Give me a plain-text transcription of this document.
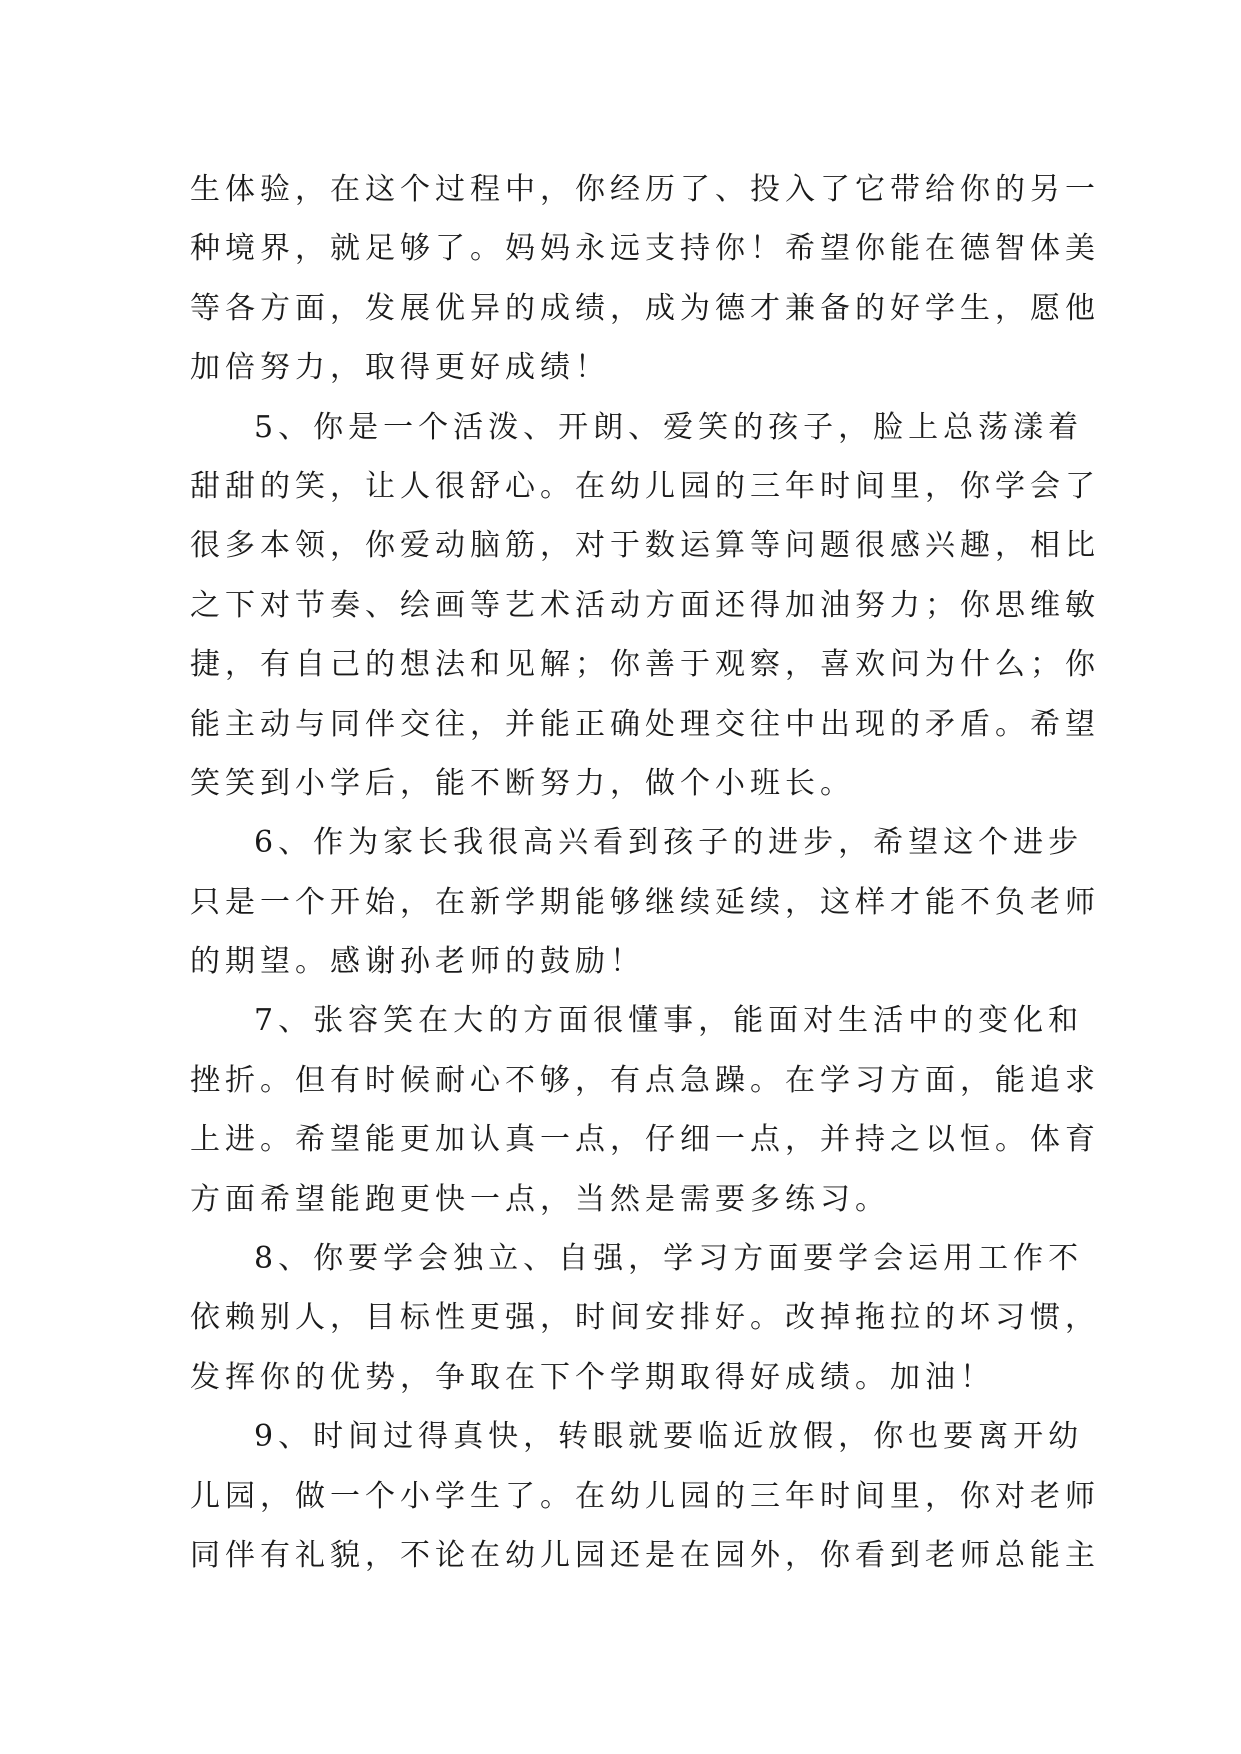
生体验，在这个过程中，你经历了、投入了它带给你的另一
种境界，就足够了。妈妈永远支持你！希望你能在德智体美
等各方面，发展优异的成绩，成为德才兼备的好学生，愿他
加倍努力，取得更好成绩！
5、你是一个活泼、开朗、爱笑的孩子，脸上总荡漾着
甜甜的笑，让人很舒心。在幼儿园的三年时间里，你学会了
很多本领，你爱动脑筋，对于数运算等问题很感兴趣，相比
之下对节奏、绘画等艺术活动方面还得加油努力；你思维敏
捷，有自己的想法和见解；你善于观察，喜欢问为什么；你
能主动与同伴交往，并能正确处理交往中出现的矛盾。希望
笑笑到小学后，能不断努力，做个小班长。
6、作为家长我很高兴看到孩子的进步，希望这个进步
只是一个开始，在新学期能够继续延续，这样才能不负老师
的期望。感谢孙老师的鼓励！
7、张容笑在大的方面很懂事，能面对生活中的变化和
挫折。但有时候耐心不够，有点急躁。在学习方面，能追求
上进。希望能更加认真一点，仔细一点，并持之以恒。体育
方面希望能跑更快一点，当然是需要多练习。
8、你要学会独立、自强，学习方面要学会运用工作不
依赖别人，目标性更强，时间安排好。改掉拖拉的坏习惯，
发挥你的优势，争取在下个学期取得好成绩。加油！
9、时间过得真快，转眼就要临近放假，你也要离开幼
儿园，做一个小学生了。在幼儿园的三年时间里，你对老师
同伴有礼貌，不论在幼儿园还是在园外，你看到老师总能主
